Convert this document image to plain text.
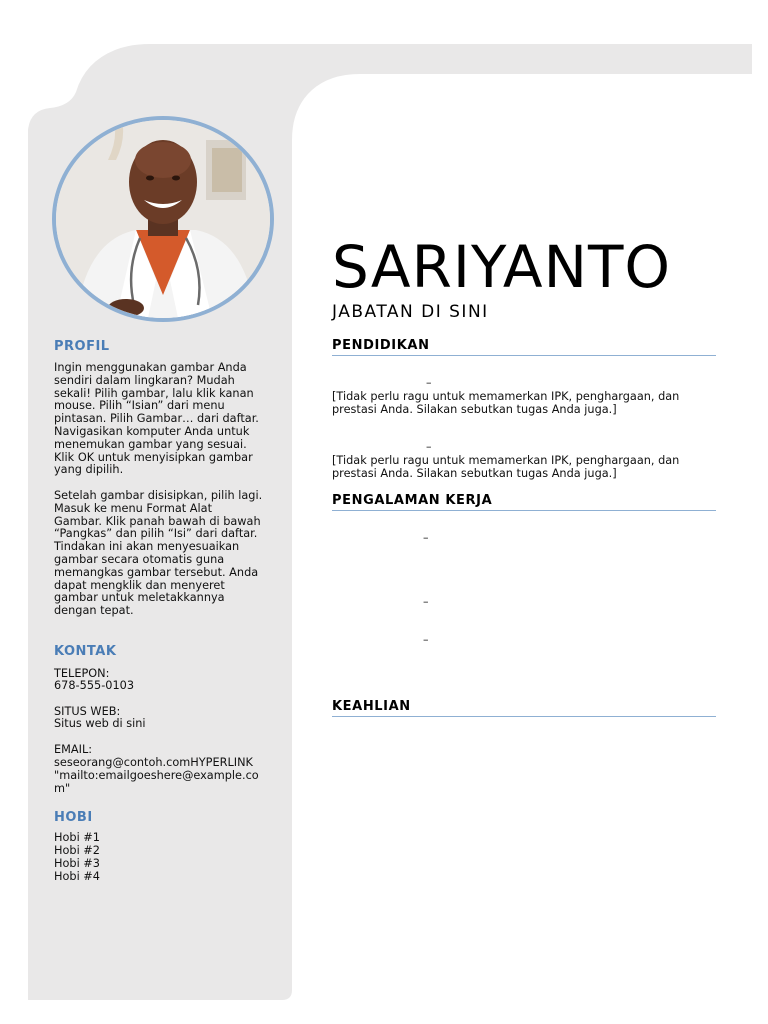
PROFIL
Ingin menggunakan gambar Anda
sendiri dalam lingkaran? Mudah
sekali! Pilih gambar, lalu klik kanan
mouse. Pilih “Isian” dari menu
pintasan. Pilih Gambar… dari daftar.
Navigasikan komputer Anda untuk
menemukan gambar yang sesuai.
Klik OK untuk menyisipkan gambar
yang dipilih.
Setelah gambar disisipkan, pilih lagi.
Masuk ke menu Format Alat
Gambar. Klik panah bawah di bawah
“Pangkas” dan pilih “Isi” dari daftar.
Tindakan ini akan menyesuaikan
gambar secara otomatis guna
memangkas gambar tersebut. Anda
dapat mengklik dan menyeret
gambar untuk meletakkannya
dengan tepat.
KONTAK
TELEPON:
678-555-0103
SITUS WEB:
Situs web di sini
EMAIL:
seseorang@contoh.comHYPERLINK
"mailto:emailgoeshere@example.co
m"
HOBI
Hobi #1
Hobi #2
Hobi #3
Hobi #4
SARIYANTO
JABATAN DI SINI
PENDIDIKAN
–
[Tidak perlu ragu untuk memamerkan IPK, penghargaan, dan prestasi Anda. Silakan sebutkan tugas Anda juga.]
–
[Tidak perlu ragu untuk memamerkan IPK, penghargaan, dan prestasi Anda. Silakan sebutkan tugas Anda juga.]
PENGALAMAN KERJA
–
–
–
KEAHLIAN
